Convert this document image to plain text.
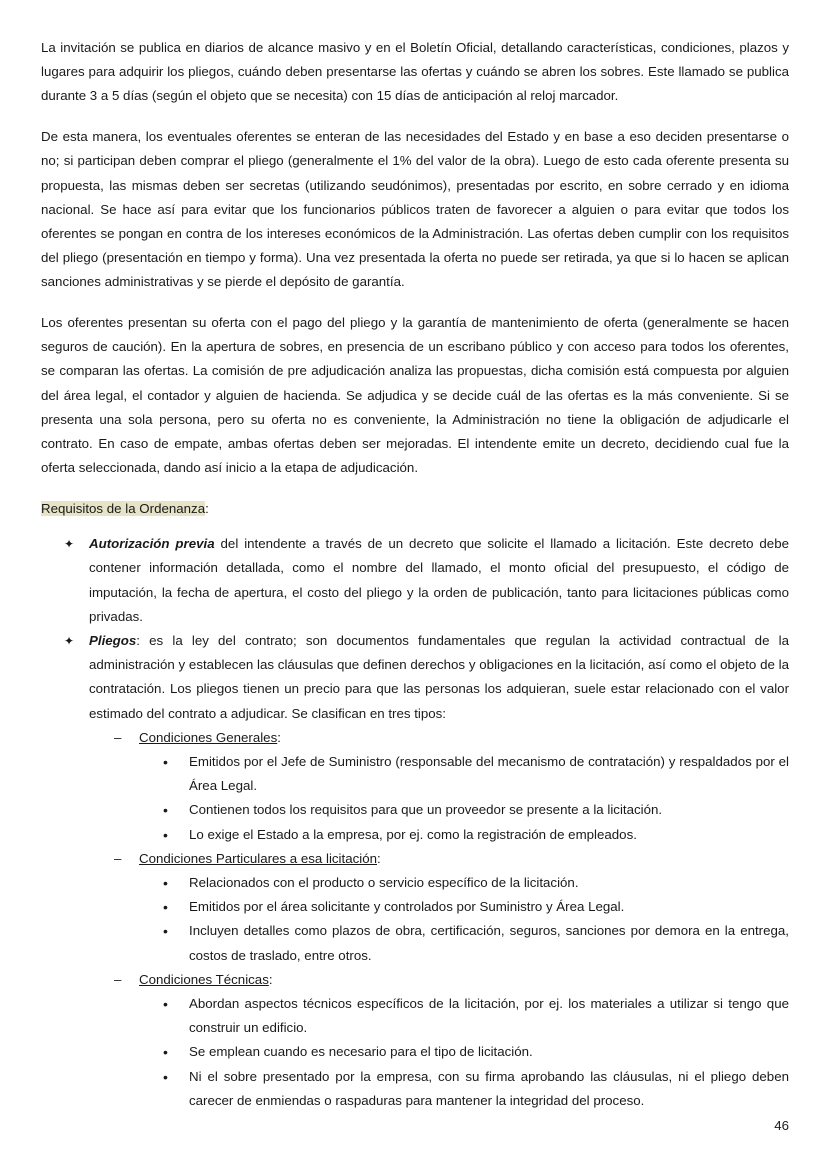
La invitación se publica en diarios de alcance masivo y en el Boletín Oficial, detallando características, condiciones, plazos y lugares para adquirir los pliegos, cuándo deben presentarse las ofertas y cuándo se abren los sobres. Este llamado se publica durante 3 a 5 días (según el objeto que se necesita) con 15 días de anticipación al reloj marcador.

De esta manera, los eventuales oferentes se enteran de las necesidades del Estado y en base a eso deciden presentarse o no; si participan deben comprar el pliego (generalmente el 1% del valor de la obra). Luego de esto cada oferente presenta su propuesta, las mismas deben ser secretas (utilizando seudónimos), presentadas por escrito, en sobre cerrado y en idioma nacional. Se hace así para evitar que los funcionarios públicos traten de favorecer a alguien o para evitar que todos los oferentes se pongan en contra de los intereses económicos de la Administración. Las ofertas deben cumplir con los requisitos del pliego (presentación en tiempo y forma). Una vez presentada la oferta no puede ser retirada, ya que si lo hacen se aplican sanciones administrativas y se pierde el depósito de garantía.

Los oferentes presentan su oferta con el pago del pliego y la garantía de mantenimiento de oferta (generalmente se hacen seguros de caución). En la apertura de sobres, en presencia de un escribano público y con acceso para todos los oferentes, se comparan las ofertas. La comisión de pre adjudicación analiza las propuestas, dicha comisión está compuesta por alguien del área legal, el contador y alguien de hacienda. Se adjudica y se decide cuál de las ofertas es la más conveniente. Si se presenta una sola persona, pero su oferta no es conveniente, la Administración no tiene la obligación de adjudicarle el contrato. En caso de empate, ambas ofertas deben ser mejoradas. El intendente emite un decreto, decidiendo cual fue la oferta seleccionada, dando así inicio a la etapa de adjudicación.

Requisitos de la Ordenanza:
✦ Autorización previa del intendente a través de un decreto que solicite el llamado a licitación. Este decreto debe contener información detallada, como el nombre del llamado, el monto oficial del presupuesto, el código de imputación, la fecha de apertura, el costo del pliego y la orden de publicación, tanto para licitaciones públicas como privadas.
✦ Pliegos: es la ley del contrato; son documentos fundamentales que regulan la actividad contractual de la administración y establecen las cláusulas que definen derechos y obligaciones en la licitación, así como el objeto de la contratación. Los pliegos tienen un precio para que las personas los adquieran, suele estar relacionado con el valor estimado del contrato a adjudicar. Se clasifican en tres tipos:
– Condiciones Generales:
• Emitidos por el Jefe de Suministro (responsable del mecanismo de contratación) y respaldados por el Área Legal.
• Contienen todos los requisitos para que un proveedor se presente a la licitación.
• Lo exige el Estado a la empresa, por ej. como la registración de empleados.
– Condiciones Particulares a esa licitación:
• Relacionados con el producto o servicio específico de la licitación.
• Emitidos por el área solicitante y controlados por Suministro y Área Legal.
• Incluyen detalles como plazos de obra, certificación, seguros, sanciones por demora en la entrega, costos de traslado, entre otros.
– Condiciones Técnicas:
• Abordan aspectos técnicos específicos de la licitación, por ej. los materiales a utilizar si tengo que construir un edificio.
• Se emplean cuando es necesario para el tipo de licitación.
• Ni el sobre presentado por la empresa, con su firma aprobando las cláusulas, ni el pliego deben carecer de enmiendas o raspaduras para mantener la integridad del proceso.
46
